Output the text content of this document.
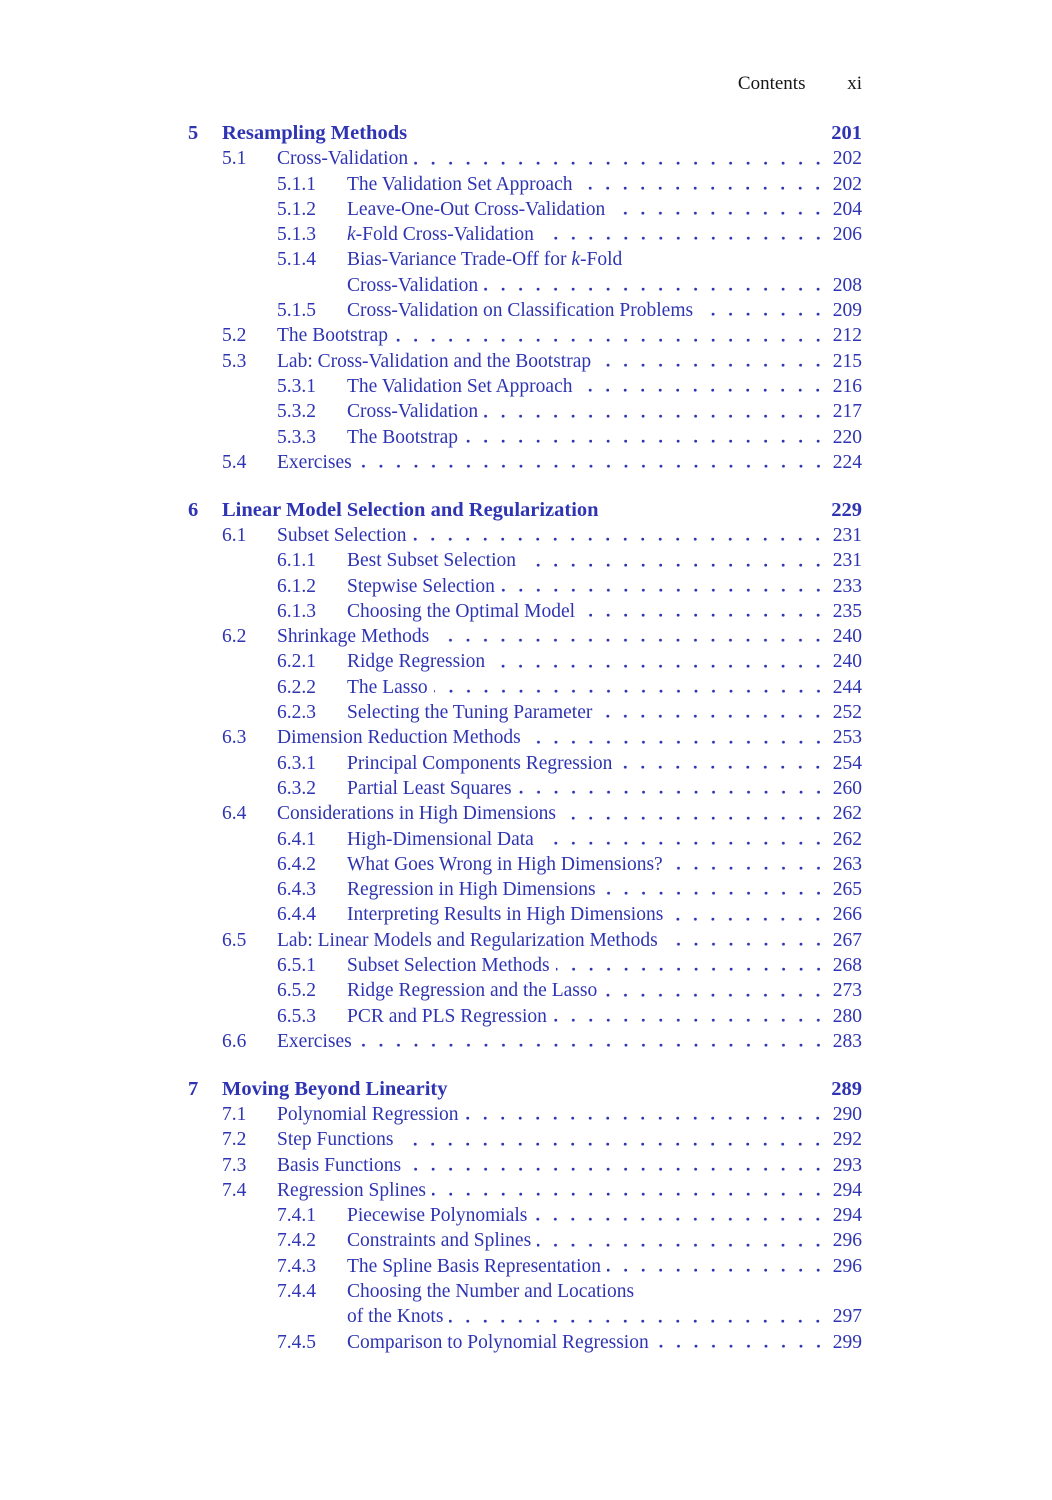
Contents xi
5	Resampling Methods	201
5.1	Cross-Validation	202
5.1.1	The Validation Set Approach	202
5.1.2	Leave-One-Out Cross-Validation	204
5.1.3	k-Fold Cross-Validation	206
5.1.4	Bias-Variance Trade-Off for k-Fold
Cross-Validation	208
5.1.5	Cross-Validation on Classification Problems	209
5.2	The Bootstrap	212
5.3	Lab: Cross-Validation and the Bootstrap	215
5.3.1	The Validation Set Approach	216
5.3.2	Cross-Validation	217
5.3.3	The Bootstrap	220
5.4	Exercises	224
6	Linear Model Selection and Regularization	229
6.1	Subset Selection	231
6.1.1	Best Subset Selection	231
6.1.2	Stepwise Selection	233
6.1.3	Choosing the Optimal Model	235
6.2	Shrinkage Methods	240
6.2.1	Ridge Regression	240
6.2.2	The Lasso	244
6.2.3	Selecting the Tuning Parameter	252
6.3	Dimension Reduction Methods	253
6.3.1	Principal Components Regression	254
6.3.2	Partial Least Squares	260
6.4	Considerations in High Dimensions	262
6.4.1	High-Dimensional Data	262
6.4.2	What Goes Wrong in High Dimensions?	263
6.4.3	Regression in High Dimensions	265
6.4.4	Interpreting Results in High Dimensions	266
6.5	Lab: Linear Models and Regularization Methods	267
6.5.1	Subset Selection Methods	268
6.5.2	Ridge Regression and the Lasso	273
6.5.3	PCR and PLS Regression	280
6.6	Exercises	283
7	Moving Beyond Linearity	289
7.1	Polynomial Regression	290
7.2	Step Functions	292
7.3	Basis Functions	293
7.4	Regression Splines	294
7.4.1	Piecewise Polynomials	294
7.4.2	Constraints and Splines	296
7.4.3	The Spline Basis Representation	296
7.4.4	Choosing the Number and Locations
of the Knots	297
7.4.5	Comparison to Polynomial Regression	299
